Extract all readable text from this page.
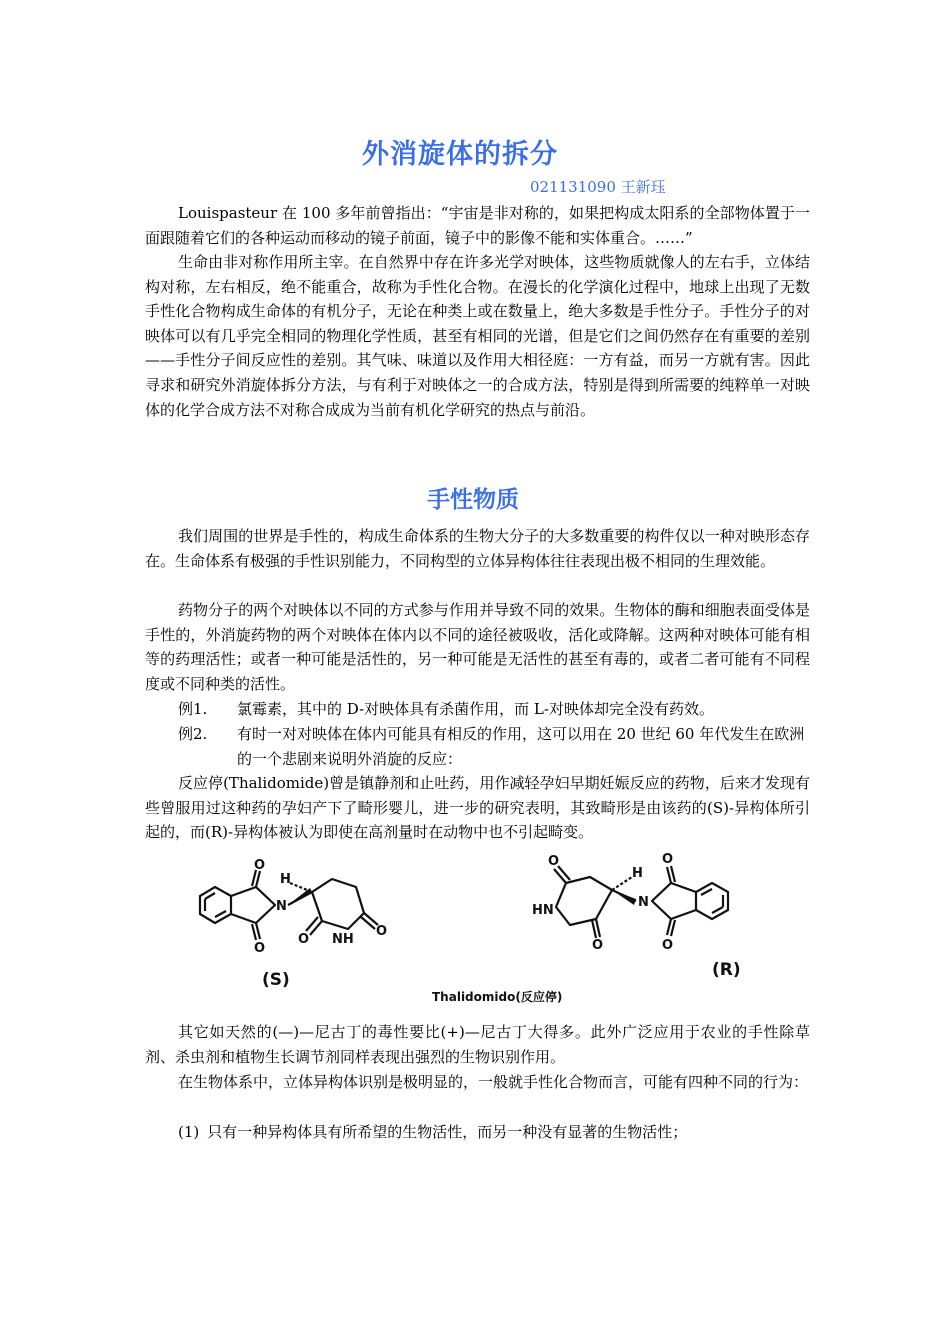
外消旋体的拆分
021131090 王新珏
Louispasteur 在 100 多年前曾指出：“宇宙是非对称的，如果把构成太阳系的全部物体置于一面跟随着它们的各种运动而移动的镜子前面，镜子中的影像不能和实体重合。……”
生命由非对称作用所主宰。在自然界中存在许多光学对映体，这些物质就像人的左右手，立体结构对称，左右相反，绝不能重合，故称为手性化合物。在漫长的化学演化过程中，地球上出现了无数手性化合物构成生命体的有机分子，无论在种类上或在数量上，绝大多数是手性分子。手性分子的对映体可以有几乎完全相同的物理化学性质，甚至有相同的光谱，但是它们之间仍然存在有重要的差别——手性分子间反应性的差别。其气味、味道以及作用大相径庭：一方有益，而另一方就有害。因此寻求和研究外消旋体拆分方法，与有利于对映体之一的合成方法，特别是得到所需要的纯粹单一对映体的化学合成方法不对称合成成为当前有机化学研究的热点与前沿。
手性物质
我们周围的世界是手性的，构成生命体系的生物大分子的大多数重要的构件仅以一种对映形态存在。生命体系有极强的手性识别能力，不同构型的立体异构体往往表现出极不相同的生理效能。
药物分子的两个对映体以不同的方式参与作用并导致不同的效果。生物体的酶和细胞表面受体是手性的，外消旋药物的两个对映体在体内以不同的途径被吸收，活化或降解。这两种对映体可能有相等的药理活性；或者一种可能是活性的，另一种可能是无活性的甚至有毒的，或者二者可能有不同程度或不同种类的活性。
例1.	氯霉素，其中的 D-对映体具有杀菌作用，而 L-对映体却完全没有药效。
例2.	有时一对对映体在体内可能具有相反的作用，这可以用在 20 世纪 60 年代发生在欧洲的一个悲剧来说明外消旋的反应：
反应停(Thalidomide)曾是镇静剂和止吐药，用作减轻孕妇早期妊娠反应的药物，后来才发现有些曾服用过这种药的孕妇产下了畸形婴儿，进一步的研究表明，其致畸形是由该药的(S)-异构体所引起的，而(R)-异构体被认为即使在高剂量时在动物中也不引起畸变。
O
O
N
H
O NH
O
O
HN
O
H
N
O
O
(S)	(R)
Thalidomido(反应停)
其它如天然的(—)—尼古丁的毒性要比(+)—尼古丁大得多。此外广泛应用于农业的手性除草剂、杀虫剂和植物生长调节剂同样表现出强烈的生物识别作用。
在生物体系中，立体异构体识别是极明显的，一般就手性化合物而言，可能有四种不同的行为：
(1) 只有一种异构体具有所希望的生物活性，而另一种没有显著的生物活性；
